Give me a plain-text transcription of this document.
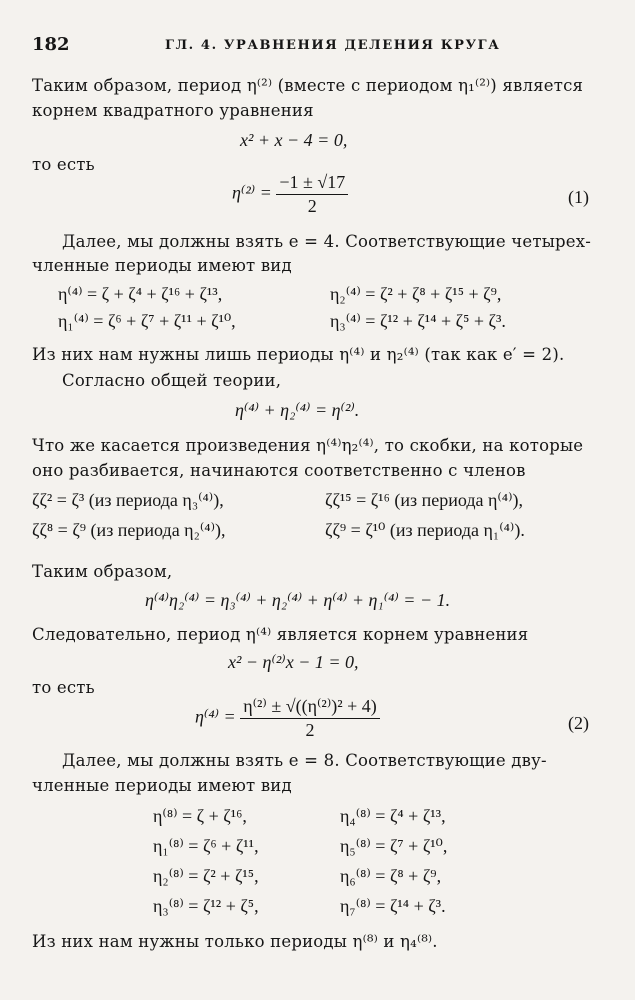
182	ГЛ. 4. УРАВНЕНИЯ ДЕЛЕНИЯ КРУГА
Таким образом, период η⁽²⁾ (вместе с периодом η₁⁽²⁾) является
корнем квадратного уравнения
x² + x − 4 = 0,
то есть
$\eta^{(2)} = \frac{-1 \pm √17}{2}$	(1)
Далее, мы должны взять e = 4. Соответствующие четырех-
членные периоды имеют вид
η⁽⁴⁾ = ζ + ζ⁴ + ζ¹⁶ + ζ¹³,	η₂⁽⁴⁾ = ζ² + ζ⁸ + ζ¹⁵ + ζ⁹,
η₁⁽⁴⁾ = ζ⁶ + ζ⁷ + ζ¹¹ + ζ¹⁰,	η₃⁽⁴⁾ = ζ¹² + ζ¹⁴ + ζ⁵ + ζ³.
Из них нам нужны лишь периоды η⁽⁴⁾ и η₂⁽⁴⁾ (так как e′ = 2).
Согласно общей теории,
η⁽⁴⁾ + η₂⁽⁴⁾ = η⁽²⁾.
Что же касается произведения η⁽⁴⁾η₂⁽⁴⁾, то скобки, на которые
оно разбивается, начинаются соответственно с членов
ζζ² = ζ³ (из периода η₃⁽⁴⁾),	ζζ¹⁵ = ζ¹⁶ (из периода η⁽⁴⁾),
ζζ⁸ = ζ⁹ (из периода η₂⁽⁴⁾),	ζζ⁹ = ζ¹⁰ (из периода η₁⁽⁴⁾).
Таким образом,
η⁽⁴⁾η₂⁽⁴⁾ = η₃⁽⁴⁾ + η₂⁽⁴⁾ + η⁽⁴⁾ + η₁⁽⁴⁾ = − 1.
Следовательно, период η⁽⁴⁾ является корнем уравнения
x² − η⁽²⁾x − 1 = 0,
то есть
$\eta^{(4)} = \frac{\text{η⁽²⁾ ± √((η⁽²⁾)² + 4)}}{2}$	(2)
Далее, мы должны взять e = 8. Соответствующие дву-
членные периоды имеют вид
η⁽⁸⁾ = ζ + ζ¹⁶,	η₄⁽⁸⁾ = ζ⁴ + ζ¹³,
η₁⁽⁸⁾ = ζ⁶ + ζ¹¹,	η₅⁽⁸⁾ = ζ⁷ + ζ¹⁰,
η₂⁽⁸⁾ = ζ² + ζ¹⁵,	η₆⁽⁸⁾ = ζ⁸ + ζ⁹,
η₃⁽⁸⁾ = ζ¹² + ζ⁵,	η₇⁽⁸⁾ = ζ¹⁴ + ζ³.
Из них нам нужны только периоды η⁽⁸⁾ и η₄⁽⁸⁾.
